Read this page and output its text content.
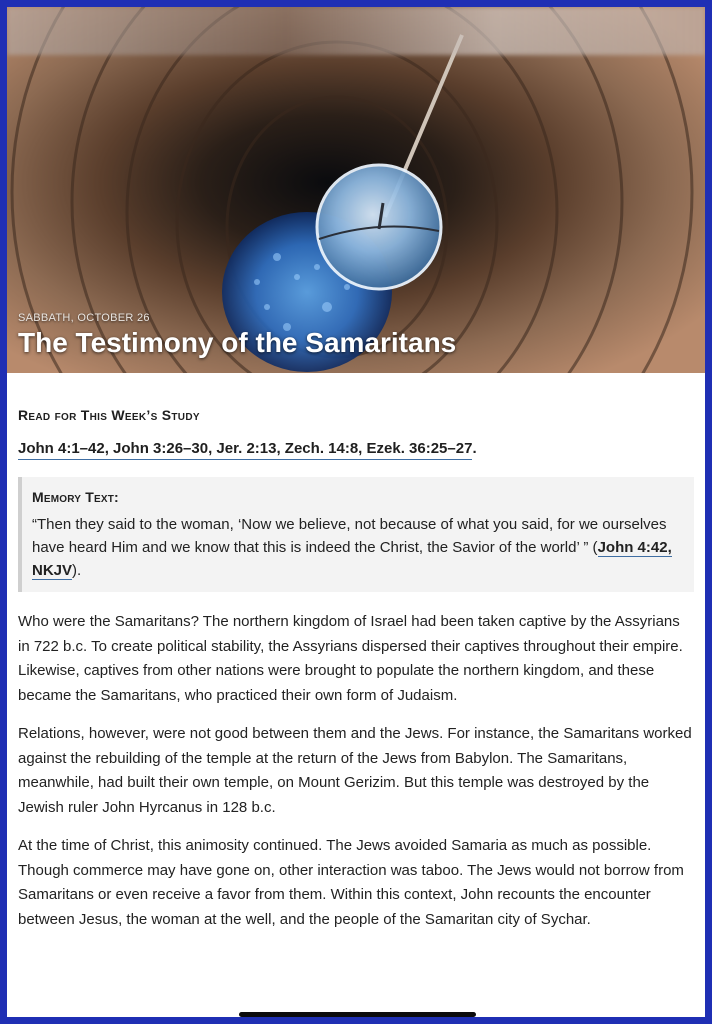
SABBATH, OCTOBER 26
The Testimony of the Samaritans
Read for This Week’s Study
John 4:1–42, John 3:26–30, Jer. 2:13, Zech. 14:8, Ezek. 36:25–27.
Memory Text:

“Then they said to the woman, ‘Now we believe, not because of what you said, for we ourselves have heard Him and we know that this is indeed the Christ, the Savior of the world’ ” (John 4:42, NKJV).

Who were the Samaritans? The northern kingdom of Israel had been taken captive by the Assyrians in 722 b.c. To create political stability, the Assyrians dispersed their captives throughout their empire. Likewise, captives from other nations were brought to populate the northern kingdom, and these became the Samaritans, who practiced their own form of Judaism.

Relations, however, were not good between them and the Jews. For instance, the Samaritans worked against the rebuilding of the temple at the return of the Jews from Babylon. The Samaritans, meanwhile, had built their own temple, on Mount Gerizim. But this temple was destroyed by the Jewish ruler John Hyrcanus in 128 b.c.

At the time of Christ, this animosity continued. The Jews avoided Samaria as much as possible. Though commerce may have gone on, other interaction was taboo. The Jews would not borrow from Samaritans or even receive a favor from them. Within this context, John recounts the encounter between Jesus, the woman at the well, and the people of the Samaritan city of Sychar.
